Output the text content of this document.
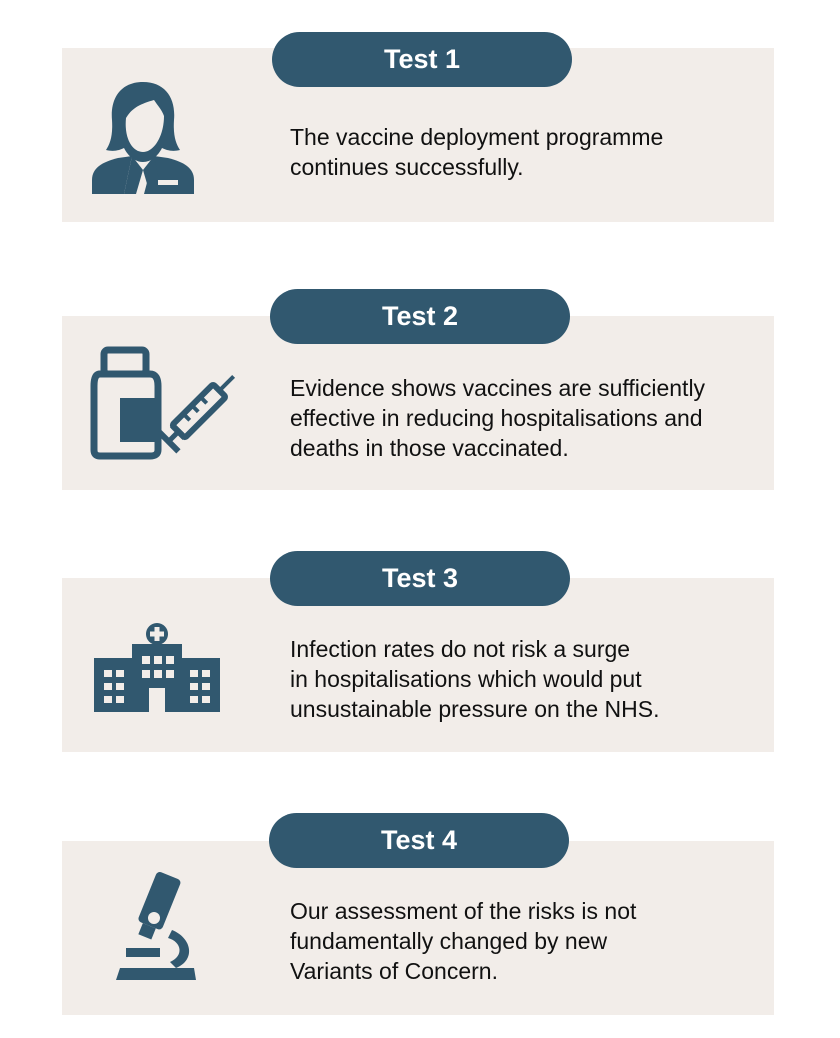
Test 1
The vaccine deployment programme
continues successfully.
Test 2
Evidence shows vaccines are sufficiently
effective in reducing hospitalisations and
deaths in those vaccinated.
Test 3
Infection rates do not risk a surge
in hospitalisations which would put
unsustainable pressure on the NHS.
Test 4
Our assessment of the risks is not
fundamentally changed by new
Variants of Concern.
